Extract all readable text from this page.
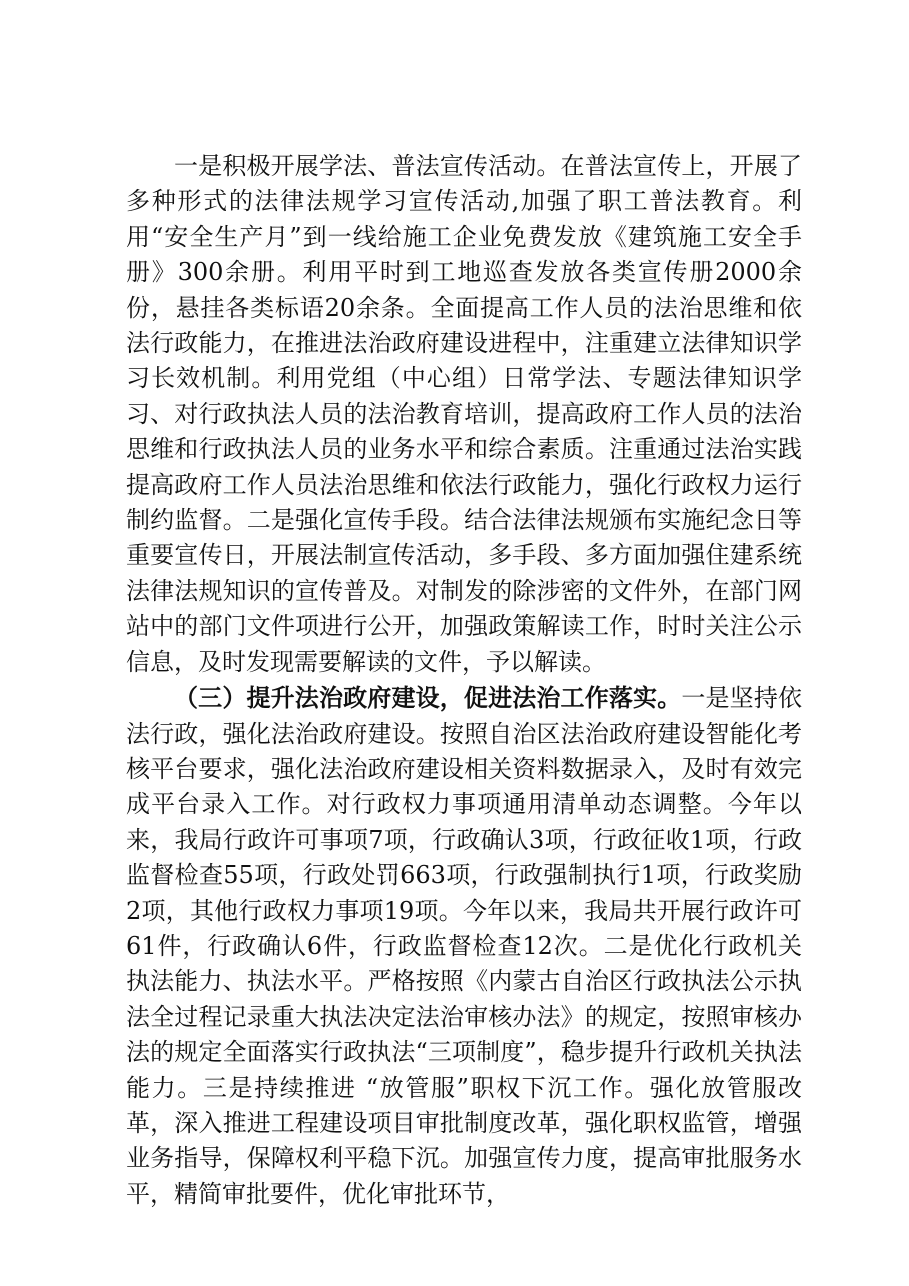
一是积极开展学法、普法宣传活动。在普法宣传上，开展了多种形式的法律法规学习宣传活动,加强了职工普法教育。利用“安全生产月”到一线给施工企业免费发放《建筑施工安全手册》300余册。利用平时到工地巡查发放各类宣传册2000余份，悬挂各类标语20余条。全面提高工作人员的法治思维和依法行政能力，在推进法治政府建设进程中，注重建立法律知识学习长效机制。利用党组（中心组）日常学法、专题法律知识学习、对行政执法人员的法治教育培训，提高政府工作人员的法治思维和行政执法人员的业务水平和综合素质。注重通过法治实践提高政府工作人员法治思维和依法行政能力，强化行政权力运行制约监督。二是强化宣传手段。结合法律法规颁布实施纪念日等重要宣传日，开展法制宣传活动，多手段、多方面加强住建系统法律法规知识的宣传普及。对制发的除涉密的文件外，在部门网站中的部门文件项进行公开，加强政策解读工作，时时关注公示信息，及时发现需要解读的文件，予以解读。

（三）提升法治政府建设，促进法治工作落实。一是坚持依法行政，强化法治政府建设。按照自治区法治政府建设智能化考核平台要求，强化法治政府建设相关资料数据录入，及时有效完成平台录入工作。对行政权力事项通用清单动态调整。今年以来，我局行政许可事项7项，行政确认3项，行政征收1项，行政监督检查55项，行政处罚663项，行政强制执行1项，行政奖励2项，其他行政权力事项19项。今年以来，我局共开展行政许可61件，行政确认6件，行政监督检查12次。二是优化行政机关执法能力、执法水平。严格按照《内蒙古自治区行政执法公示执法全过程记录重大执法决定法治审核办法》的规定，按照审核办法的规定全面落实行政执法“三项制度”，稳步提升行政机关执法能力。三是持续推进 “放管服”职权下沉工作。强化放管服改革，深入推进工程建设项目审批制度改革，强化职权监管，增强业务指导，保障权利平稳下沉。加强宣传力度，提高审批服务水平，精简审批要件，优化审批环节，
